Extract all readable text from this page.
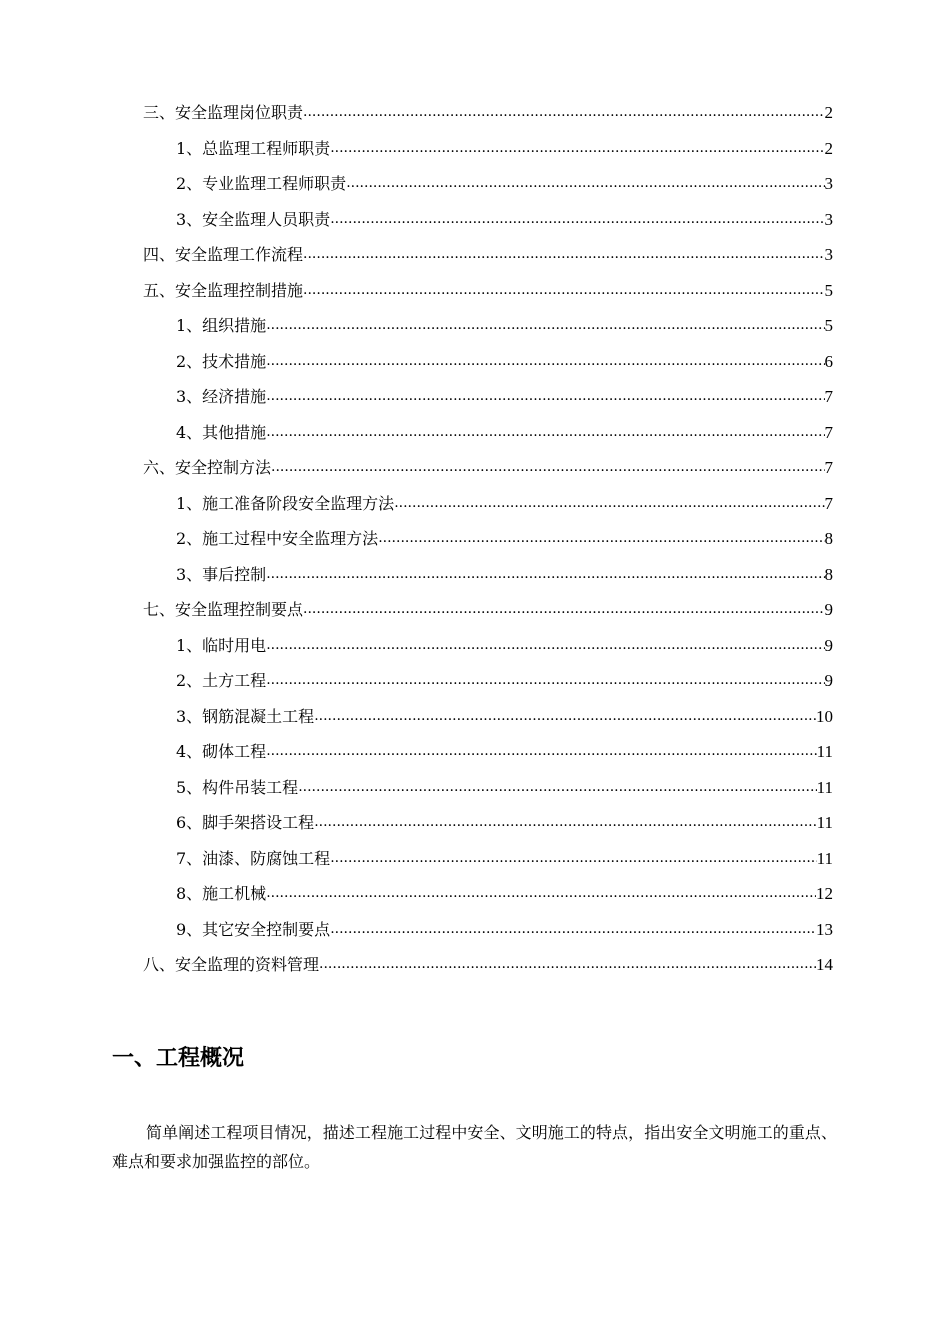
三、安全监理岗位职责 .....	2
1、总监理工程师职责 .....	2
2、专业监理工程师职责 .....	3
3、安全监理人员职责 .....	3
四、安全监理工作流程 .....	3
五、安全监理控制措施 .....	5
1、组织措施 .....	5
2、技术措施 .....	6
3、经济措施 .....	7
4、其他措施 .....	7
六、安全控制方法 .....	7
1、施工准备阶段安全监理方法 .....	7
2、施工过程中安全监理方法 .....	8
3、事后控制 .....	8
七、安全监理控制要点 .....	9
1、临时用电 .....	9
2、土方工程 .....	9
3、钢筋混凝土工程 .....	10
4、砌体工程 .....	11
5、构件吊装工程 .....	11
6、脚手架搭设工程 .....	11
7、油漆、防腐蚀工程 .....	11
8、施工机械 .....	12
9、其它安全控制要点 .....	13
八、安全监理的资料管理 .....	14
一、工程概况

简单阐述工程项目情况，描述工程施工过程中安全、文明施工的特点，指出安全文明施工的重点、难点和要求加强监控的部位。
